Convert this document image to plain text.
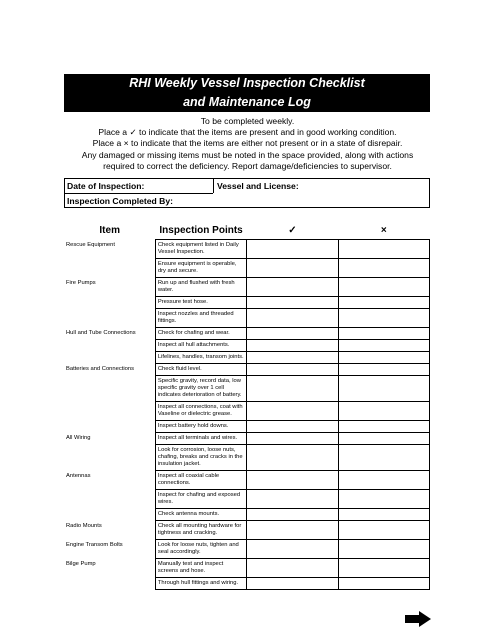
RHI Weekly Vessel Inspection Checklist
and Maintenance Log
To be completed weekly.
Place a ✓ to indicate that the items are present and in good working condition.
Place a × to indicate that the items are either not present or in a state of disrepair.
Any damaged or missing items must be noted in the space provided, along with actions
required to correct the deficiency. Report damage/deficiencies to supervisor.
Date of Inspection:	Vessel and License:
Inspection Completed By:
Item	Inspection Points	✓	×
Rescue Equipment	Check equipment listed in Daily Vessel Inspection.		
	Ensure equipment is operable, dry and secure.		
Fire Pumps	Run up and flushed with fresh water.		
	Pressure test hose.		
	Inspect nozzles and threaded fittings.		
Hull and Tube Connections	Check for chafing and wear.		
	Inspect all hull attachments.		
	Lifelines, handles, transom joints.		
Batteries and Connections	Check fluid level.		
	Specific gravity, record data, low specific gravity over 1 cell indicates deterioration of battery.		
	Inspect all connections, coat with Vaseline or dielectric grease.		
	Inspect battery hold downs.		
All Wiring	Inspect all terminals and wires.		
	Look for corrosion, loose nuts, chafing, breaks and cracks in the insulation jacket.		
Antennas	Inspect all coaxial cable connections.		
	Inspect for chafing and exposed wires.		
	Check antenna mounts.		
Radio Mounts	Check all mounting hardware for tightness and cracking.		
Engine Transom Bolts	Look for loose nuts, tighten and seal accordingly.		
Bilge Pump	Manually test and inspect screens and hose.		
	Through hull fittings and wiring.		
